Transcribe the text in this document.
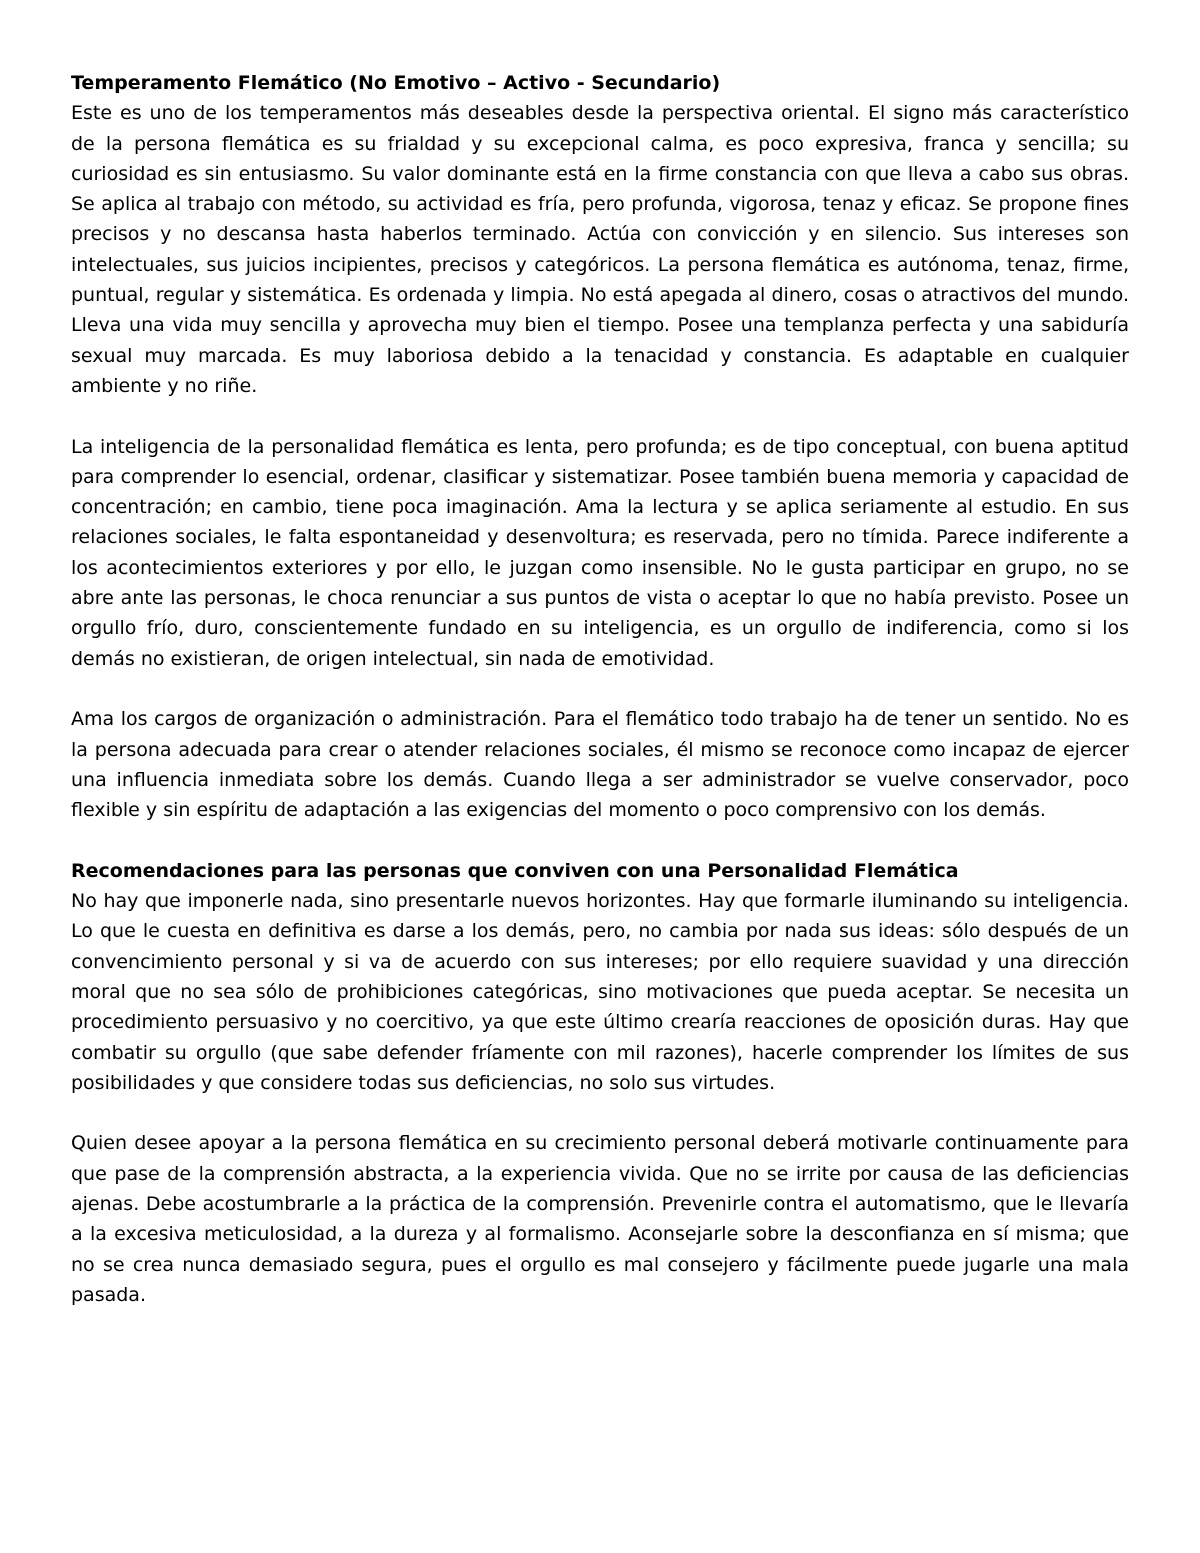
Temperamento Flemático (No Emotivo – Activo - Secundario)

Este es uno de los temperamentos más deseables desde la perspectiva oriental. El signo más característico de la persona flemática es su frialdad y su excepcional calma, es poco expresiva, franca y sencilla; su curiosidad es sin entusiasmo. Su valor dominante está en la firme constancia con que lleva a cabo sus obras. Se aplica al trabajo con método, su actividad es fría, pero profunda, vigorosa, tenaz y eficaz. Se propone fines precisos y no descansa hasta haberlos terminado. Actúa con convicción y en silencio. Sus intereses son intelectuales, sus juicios incipientes, precisos y categóricos. La persona flemática es autónoma, tenaz, firme, puntual, regular y sistemática. Es ordenada y limpia. No está apegada al dinero, cosas o atractivos del mundo. Lleva una vida muy sencilla y aprovecha muy bien el tiempo. Posee una templanza perfecta y una sabiduría sexual muy marcada. Es muy laboriosa debido a la tenacidad y constancia. Es adaptable en cualquier ambiente y no riñe.

La inteligencia de la personalidad flemática es lenta, pero profunda; es de tipo conceptual, con buena aptitud para comprender lo esencial, ordenar, clasificar y sistematizar. Posee también buena memoria y capacidad de concentración; en cambio, tiene poca imaginación. Ama la lectura y se aplica seriamente al estudio. En sus relaciones sociales, le falta espontaneidad y desenvoltura; es reservada, pero no tímida. Parece indiferente a los acontecimientos exteriores y por ello, le juzgan como insensible. No le gusta participar en grupo, no se abre ante las personas, le choca renunciar a sus puntos de vista o aceptar lo que no había previsto. Posee un orgullo frío, duro, conscientemente fundado en su inteligencia, es un orgullo de indiferencia, como si los demás no existieran, de origen intelectual, sin nada de emotividad.

Ama los cargos de organización o administración. Para el flemático todo trabajo ha de tener un sentido. No es la persona adecuada para crear o atender relaciones sociales, él mismo se reconoce como incapaz de ejercer una influencia inmediata sobre los demás. Cuando llega a ser administrador se vuelve conservador, poco flexible y sin espíritu de adaptación a las exigencias del momento o poco comprensivo con los demás.

Recomendaciones para las personas que conviven con una Personalidad Flemática

No hay que imponerle nada, sino presentarle nuevos horizontes. Hay que formarle iluminando su inteligencia. Lo que le cuesta en definitiva es darse a los demás, pero, no cambia por nada sus ideas: sólo después de un convencimiento personal y si va de acuerdo con sus intereses; por ello requiere suavidad y una dirección moral que no sea sólo de prohibiciones categóricas, sino motivaciones que pueda aceptar. Se necesita un procedimiento persuasivo y no coercitivo, ya que este último crearía reacciones de oposición duras. Hay que combatir su orgullo (que sabe defender fríamente con mil razones), hacerle comprender los límites de sus posibilidades y que considere todas sus deficiencias, no solo sus virtudes.

Quien desee apoyar a la persona flemática en su crecimiento personal deberá motivarle continuamente para que pase de la comprensión abstracta, a la experiencia vivida. Que no se irrite por causa de las deficiencias ajenas. Debe acostumbrarle a la práctica de la comprensión. Prevenirle contra el automatismo, que le llevaría a la excesiva meticulosidad, a la dureza y al formalismo. Aconsejarle sobre la desconfianza en sí misma; que no se crea nunca demasiado segura, pues el orgullo es mal consejero y fácilmente puede jugarle una mala pasada.
